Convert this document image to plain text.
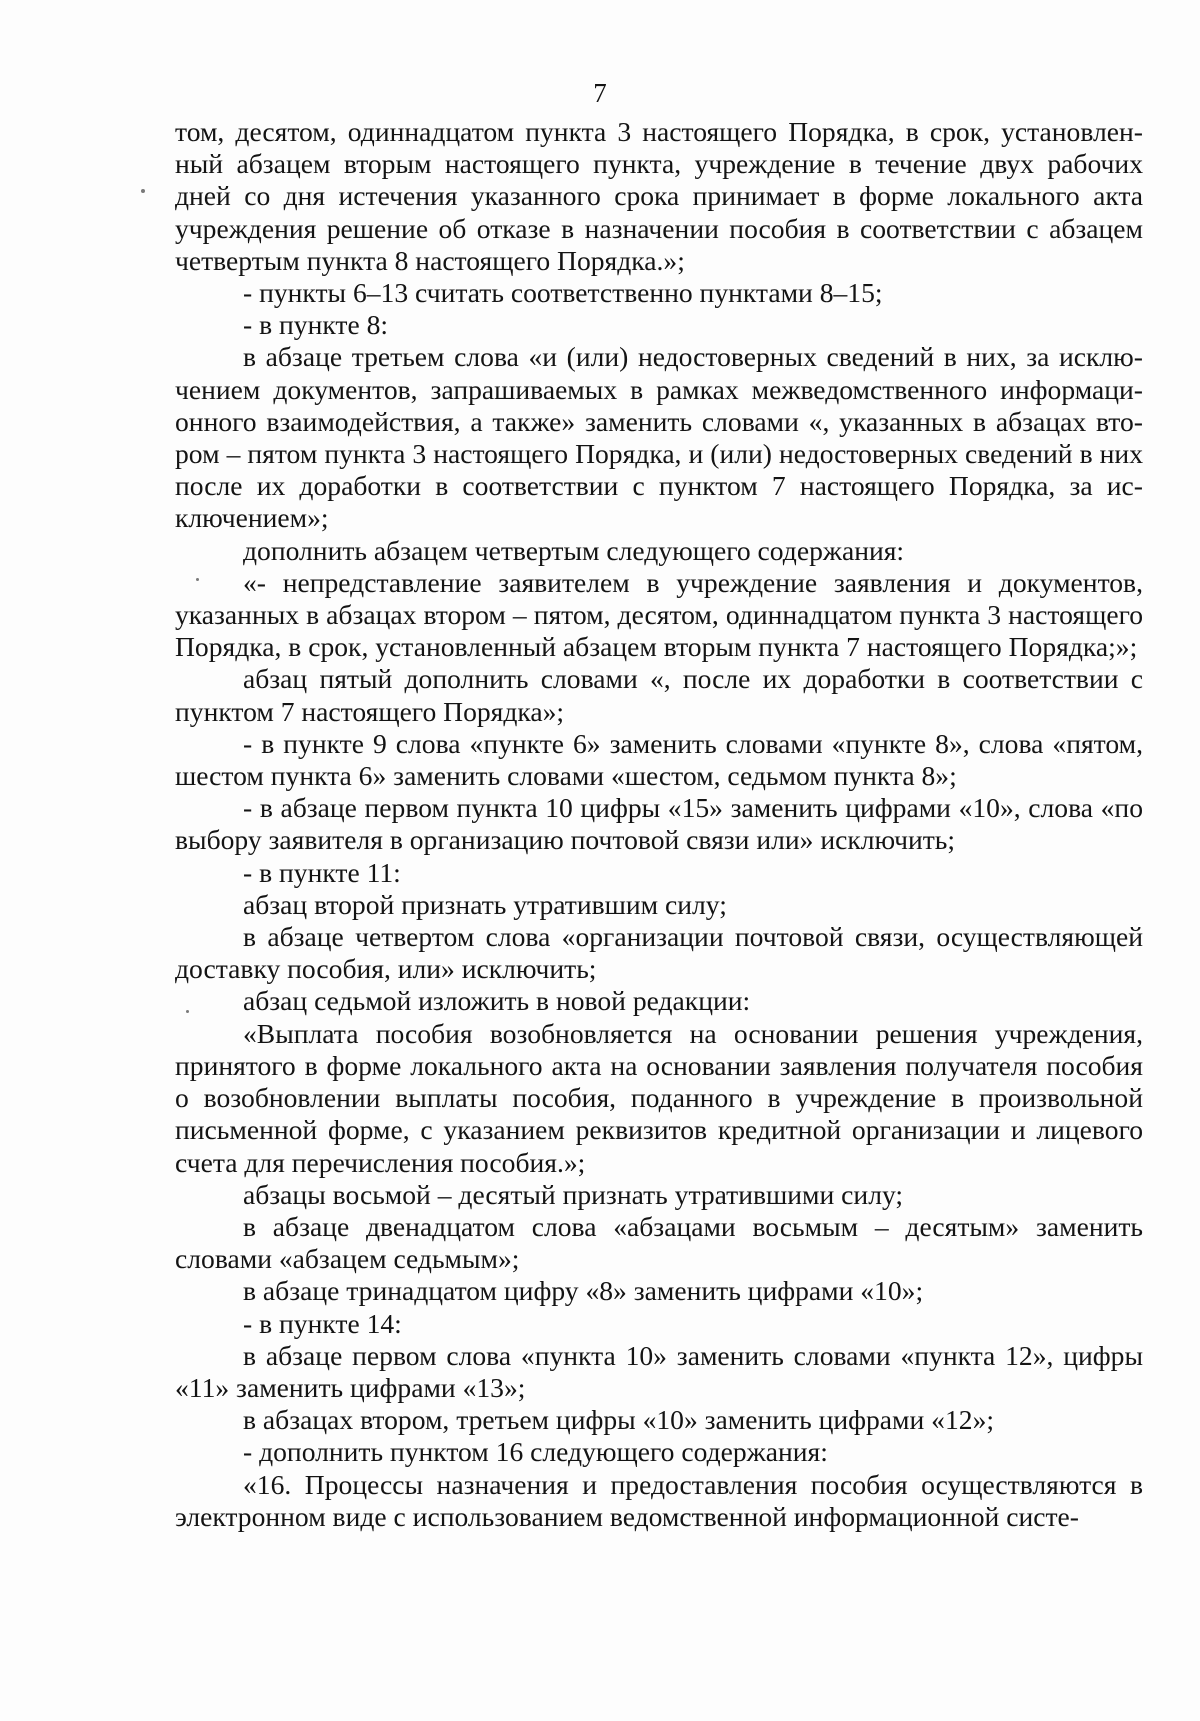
7

том, десятом, одиннадцатом пункта 3 настоящего Порядка, в срок, установленный абзацем вторым настоящего пункта, учреждение в течение двух рабочих дней со дня истечения указанного срока принимает в форме локального акта учреждения решение об отказе в назначении пособия в соответствии с абзацем четвертым пункта 8 настоящего Порядка.»;

- пункты 6–13 считать соответственно пунктами 8–15;

- в пункте 8:

в абзаце третьем слова «и (или) недостоверных сведений в них, за исключением документов, запрашиваемых в рамках межведомственного информационного взаимодействия, а также» заменить словами «, указанных в абзацах втором – пятом пункта 3 настоящего Порядка, и (или) недостоверных сведений в них после их доработки в соответствии с пунктом 7 настоящего Порядка, за исключением»;

дополнить абзацем четвертым следующего содержания:

«- непредставление заявителем в учреждение заявления и документов, указанных в абзацах втором – пятом, десятом, одиннадцатом пункта 3 настоящего Порядка, в срок, установленный абзацем вторым пункта 7 настоящего Порядка;»;

абзац пятый дополнить словами «, после их доработки в соответствии с пунктом 7 настоящего Порядка»;

- в пункте 9 слова «пункте 6» заменить словами «пункте 8», слова «пятом, шестом пункта 6» заменить словами «шестом, седьмом пункта 8»;

- в абзаце первом пункта 10 цифры «15» заменить цифрами «10», слова «по выбору заявителя в организацию почтовой связи или» исключить;

- в пункте 11:

абзац второй признать утратившим силу;

в абзаце четвертом слова «организации почтовой связи, осуществляющей доставку пособия, или» исключить;

абзац седьмой изложить в новой редакции:

«Выплата пособия возобновляется на основании решения учреждения, принятого в форме локального акта на основании заявления получателя пособия о возобновлении выплаты пособия, поданного в учреждение в произвольной письменной форме, с указанием реквизитов кредитной организации и лицевого счета для перечисления пособия.»;

абзацы восьмой – десятый признать утратившими силу;

в абзаце двенадцатом слова «абзацами восьмым – десятым» заменить словами «абзацем седьмым»;

в абзаце тринадцатом цифру «8» заменить цифрами «10»;

- в пункте 14:

в абзаце первом слова «пункта 10» заменить словами «пункта 12», цифры «11» заменить цифрами «13»;

в абзацах втором, третьем цифры «10» заменить цифрами «12»;

- дополнить пунктом 16 следующего содержания:

«16. Процессы назначения и предоставления пособия осуществляются в электронном виде с использованием ведомственной информационной систе-
